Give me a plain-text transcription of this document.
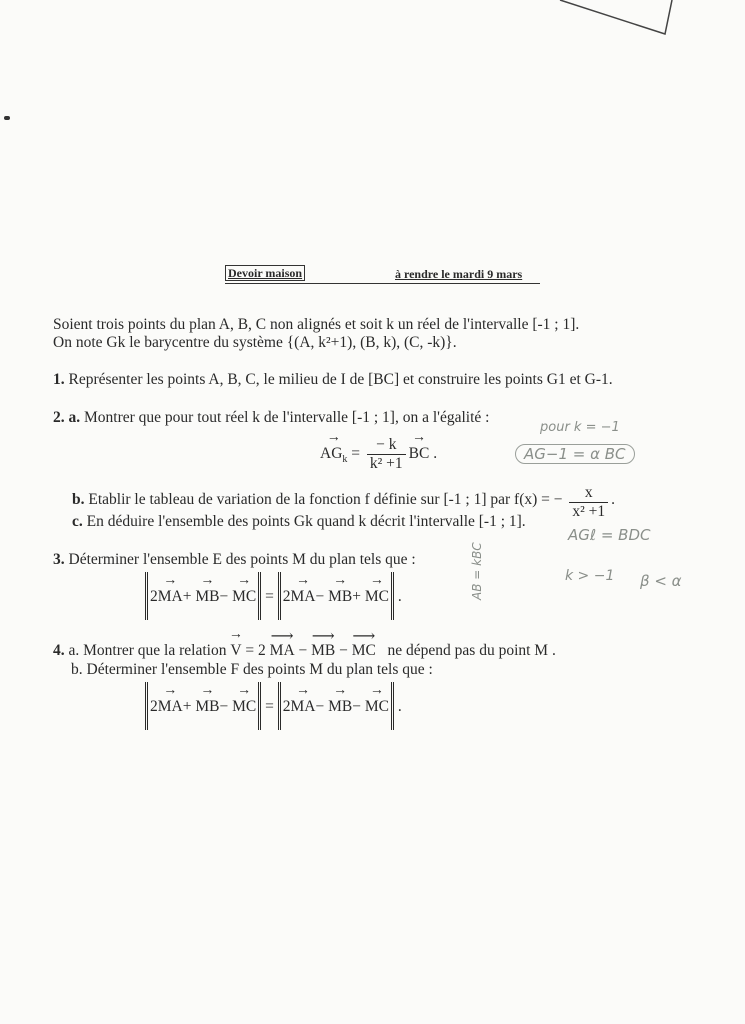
Devoir maison	à rendre le mardi 9 mars
Soient trois points du plan A, B, C non alignés et soit k un réel de l'intervalle [-1 ; 1].
On note Gk le barycentre du système {(A, k²+1), (B, k), (C, -k)}.
1. Représenter les points A, B, C, le milieu de I de [BC] et construire les points G1 et G-1.
2. a. Montrer que pour tout réel k de l'intervalle [-1 ; 1], on a l'égalité :
→ $AG_k = \frac{- k}{\text{k² +1}}$ → BC .
b. Etablir le tableau de variation de la fonction f définie sur [-1 ; 1] par f(x) = − $\frac{x}{\text{x² +1}}$ .
c. En déduire l'ensemble des points Gk quand k décrit l'intervalle [-1 ; 1].
3. Déterminer l'ensemble E des points M du plan tels que :
2→ MA+ → MB− → MC = 2→ MA− → MB+ → MC .
4. a. Montrer que la relation → V = 2 ⟶ MA − ⟶ MB − ⟶ MC ne dépend pas du point M .
b. Déterminer l'ensemble F des points M du plan tels que :
2→ MA+ → MB− → MC = 2→ MA− → MB− → MC .
pour k = −1
AG−1 = α BC
AGℓ = BDC
k > −1 β < α
AB = kBC
